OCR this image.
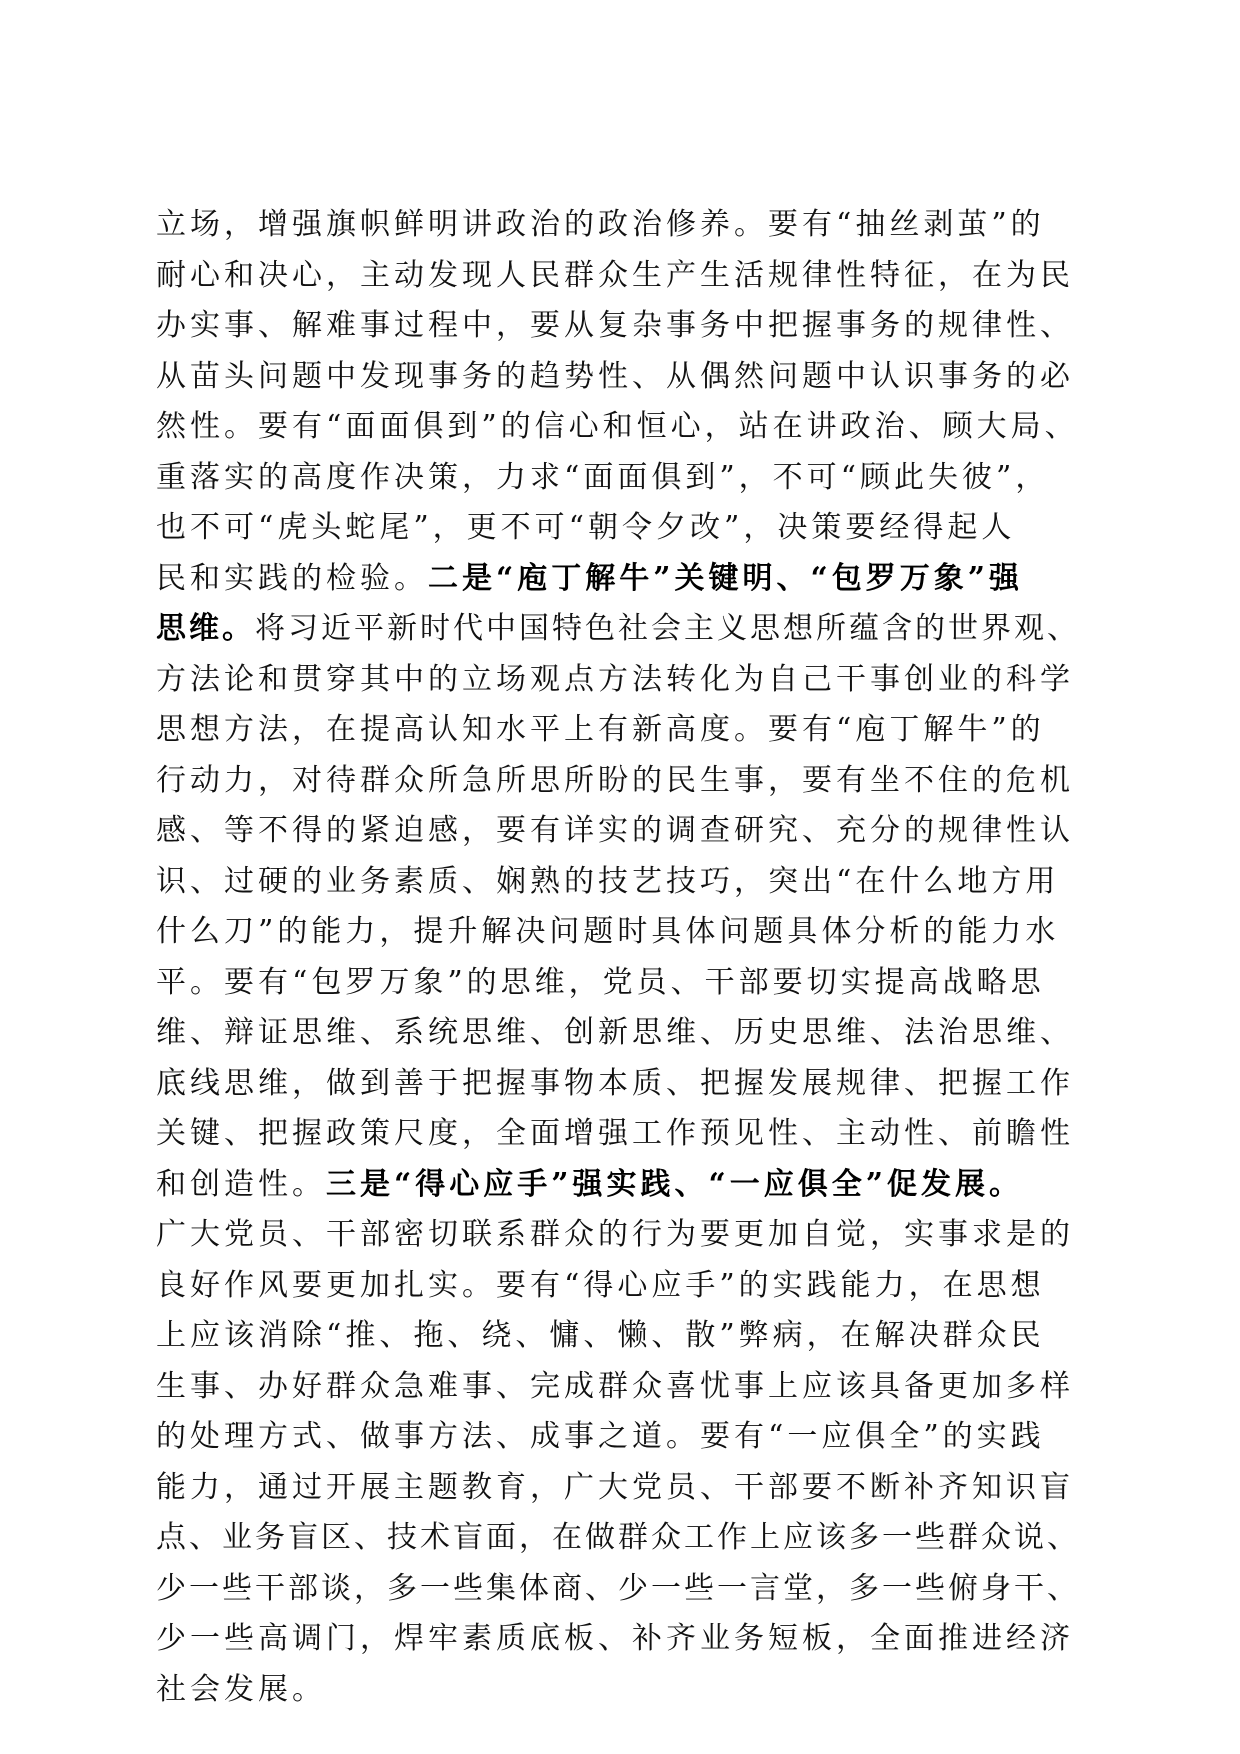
立场，增强旗帜鲜明讲政治的政治修养。要有“抽丝剥茧”的
耐心和决心，主动发现人民群众生产生活规律性特征，在为民
办实事、解难事过程中，要从复杂事务中把握事务的规律性、
从苗头问题中发现事务的趋势性、从偶然问题中认识事务的必
然性。要有“面面俱到”的信心和恒心，站在讲政治、顾大局、
重落实的高度作决策，力求“面面俱到”，不可“顾此失彼”，
也不可“虎头蛇尾”，更不可“朝令夕改”，决策要经得起人
民和实践的检验。二是“庖丁解牛”关键明、“包罗万象”强
思维。将习近平新时代中国特色社会主义思想所蕴含的世界观、
方法论和贯穿其中的立场观点方法转化为自己干事创业的科学
思想方法，在提高认知水平上有新高度。要有“庖丁解牛”的
行动力，对待群众所急所思所盼的民生事，要有坐不住的危机
感、等不得的紧迫感，要有详实的调查研究、充分的规律性认
识、过硬的业务素质、娴熟的技艺技巧，突出“在什么地方用
什么刀”的能力，提升解决问题时具体问题具体分析的能力水
平。要有“包罗万象”的思维，党员、干部要切实提高战略思
维、辩证思维、系统思维、创新思维、历史思维、法治思维、
底线思维，做到善于把握事物本质、把握发展规律、把握工作
关键、把握政策尺度，全面增强工作预见性、主动性、前瞻性
和创造性。三是“得心应手”强实践、“一应俱全”促发展。
广大党员、干部密切联系群众的行为要更加自觉，实事求是的
良好作风要更加扎实。要有“得心应手”的实践能力，在思想
上应该消除“推、拖、绕、慵、懒、散”弊病，在解决群众民
生事、办好群众急难事、完成群众喜忧事上应该具备更加多样
的处理方式、做事方法、成事之道。要有“一应俱全”的实践
能力，通过开展主题教育，广大党员、干部要不断补齐知识盲
点、业务盲区、技术盲面，在做群众工作上应该多一些群众说、
少一些干部谈，多一些集体商、少一些一言堂，多一些俯身干、
少一些高调门，焊牢素质底板、补齐业务短板，全面推进经济
社会发展。
